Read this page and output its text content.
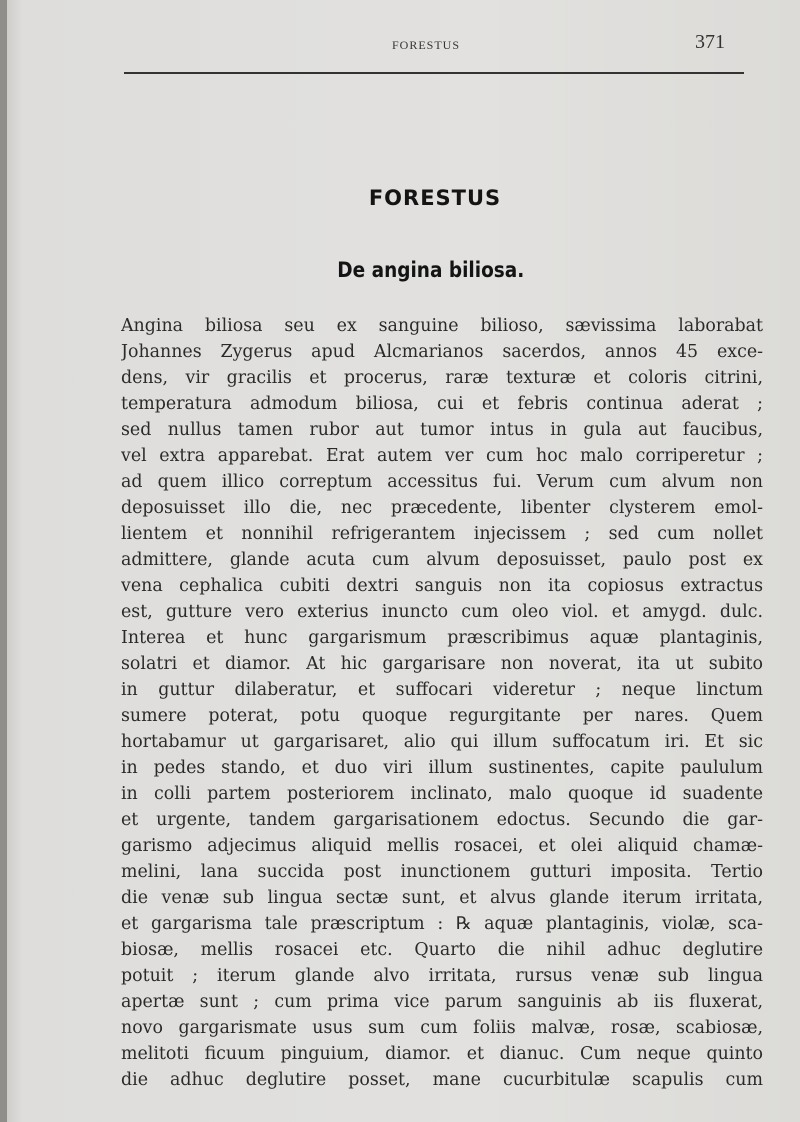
FORESTUS	371
FORESTUS
De angina biliosa.
Angina biliosa seu ex sanguine bilioso, sævissima laborabat
Johannes Zygerus apud Alcmarianos sacerdos, annos 45 exce-
dens, vir gracilis et procerus, raræ texturæ et coloris citrini,
temperatura admodum biliosa, cui et febris continua aderat ;
sed nullus tamen rubor aut tumor intus in gula aut faucibus,
vel extra apparebat. Erat autem ver cum hoc malo corriperetur ;
ad quem illico correptum accessitus fui. Verum cum alvum non
deposuisset illo die, nec præcedente, libenter clysterem emol-
lientem et nonnihil refrigerantem injecissem ; sed cum nollet
admittere, glande acuta cum alvum deposuisset, paulo post ex
vena cephalica cubiti dextri sanguis non ita copiosus extractus
est, gutture vero exterius inuncto cum oleo viol. et amygd. dulc.
Interea et hunc gargarismum præscribimus aquæ plantaginis,
solatri et diamor. At hic gargarisare non noverat, ita ut subito
in guttur dilaberatur, et suffocari videretur ; neque linctum
sumere poterat, potu quoque regurgitante per nares. Quem
hortabamur ut gargarisaret, alio qui illum suffocatum iri. Et sic
in pedes stando, et duo viri illum sustinentes, capite paululum
in colli partem posteriorem inclinato, malo quoque id suadente
et urgente, tandem gargarisationem edoctus. Secundo die gar-
garismo adjecimus aliquid mellis rosacei, et olei aliquid chamæ-
melini, lana succida post inunctionem gutturi imposita. Tertio
die venæ sub lingua sectæ sunt, et alvus glande iterum irritata,
et gargarisma tale præscriptum : ℞ aquæ plantaginis, violæ, sca-
biosæ, mellis rosacei etc. Quarto die nihil adhuc deglutire
potuit ; iterum glande alvo irritata, rursus venæ sub lingua
apertæ sunt ; cum prima vice parum sanguinis ab iis fluxerat,
novo gargarismate usus sum cum foliis malvæ, rosæ, scabiosæ,
melitoti ficuum pinguium, diamor. et dianuc. Cum neque quinto
die adhuc deglutire posset, mane cucurbitulæ scapulis cum
